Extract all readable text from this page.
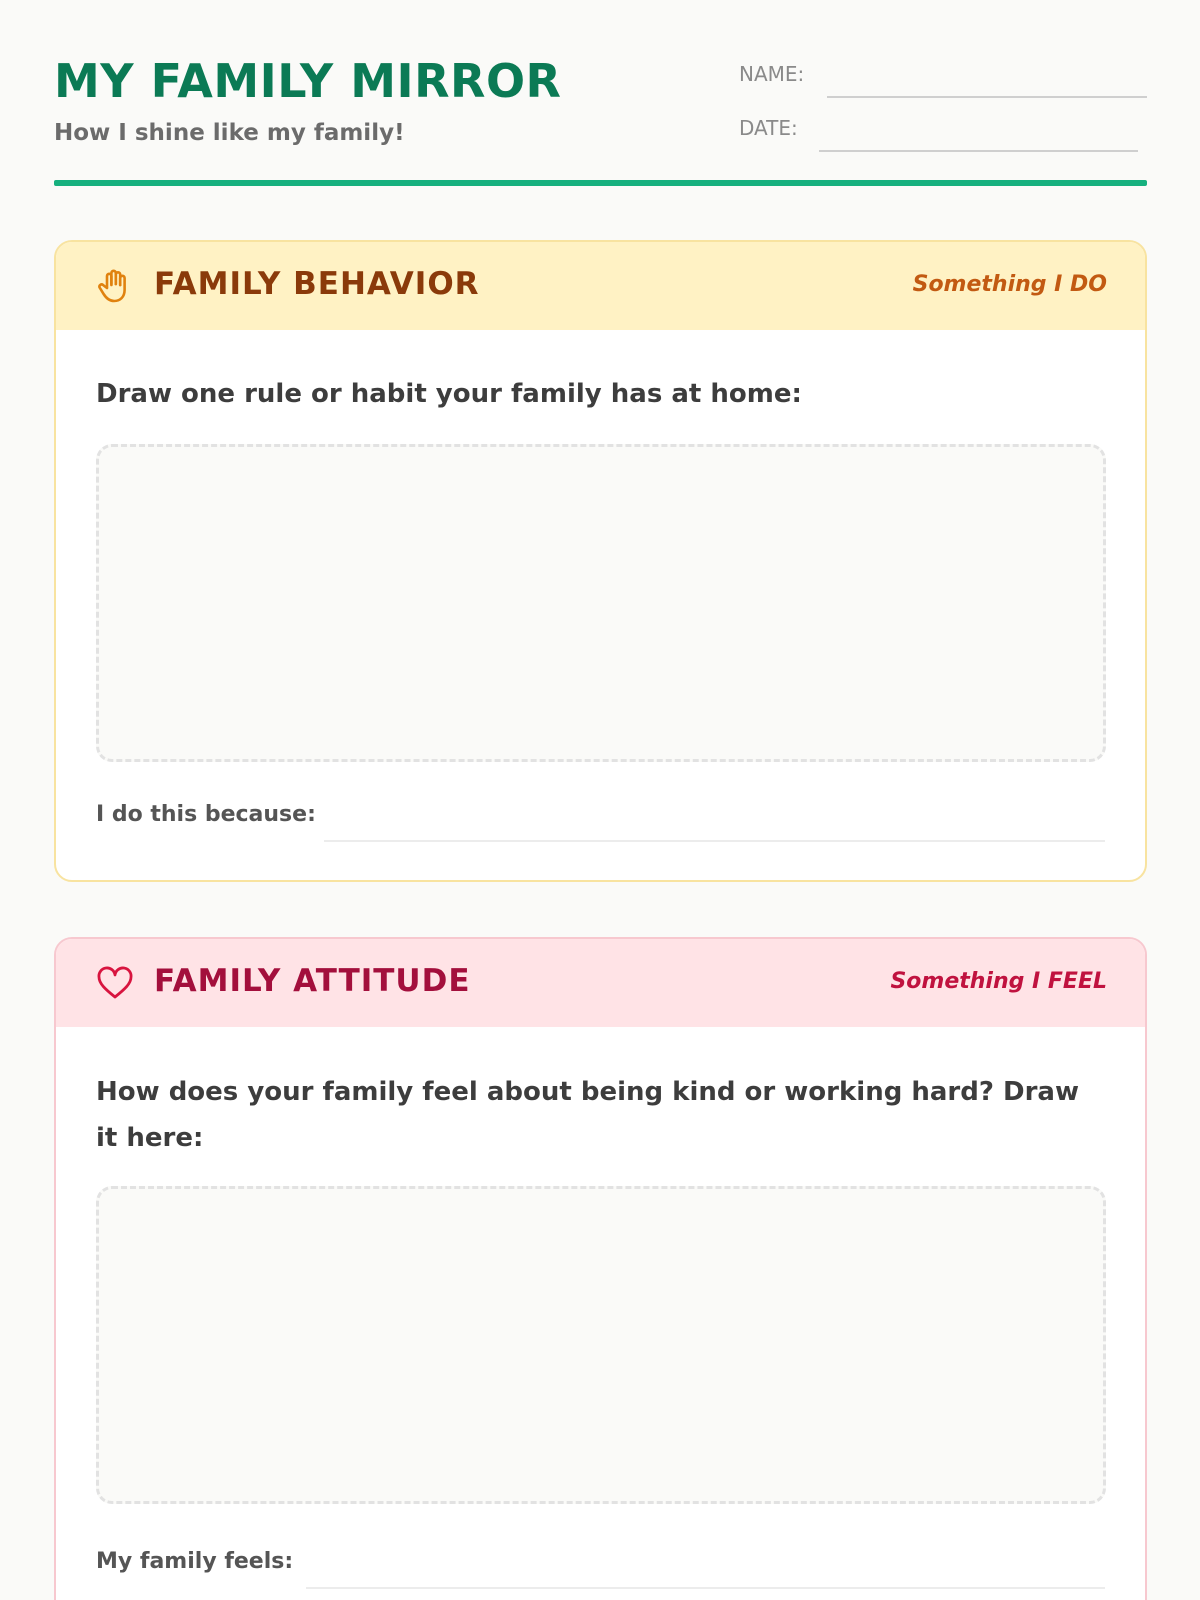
MY FAMILY MIRROR
How I shine like my family!
NAME:
DATE:
FAMILY BEHAVIOR	Something I DO
Draw one rule or habit your family has at home:
I do this because:
FAMILY ATTITUDE	Something I FEEL
How does your family feel about being kind or working hard? Draw it here:
My family feels:
